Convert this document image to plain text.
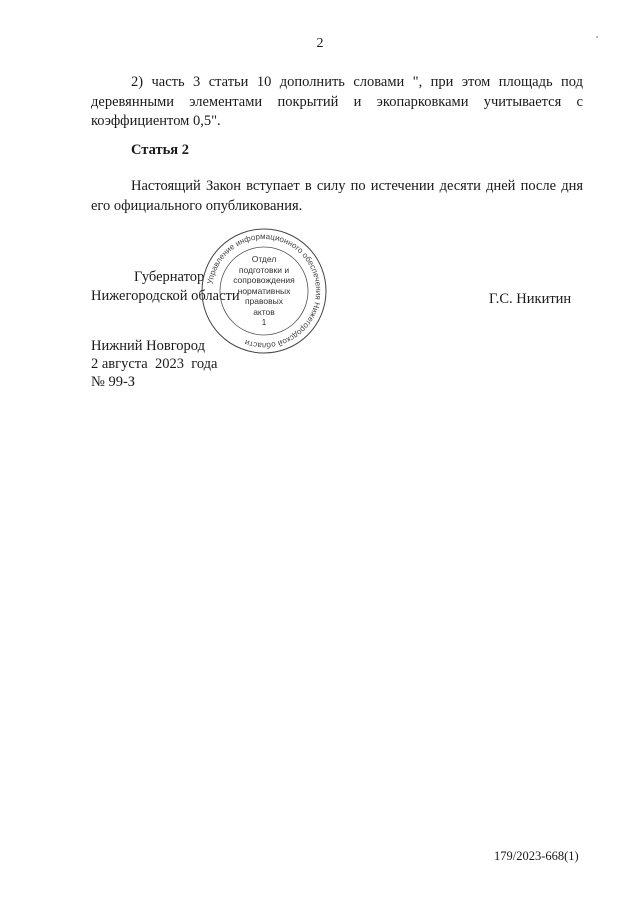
2

2) часть 3 статьи 10 дополнить словами ", при этом площадь под деревянными элементами покрытий и экопарковками учитывается с коэффициентом 0,5".

Статья 2

Настоящий Закон вступает в силу по истечении десяти дней после дня его официального опубликования.

Губернатор
Нижегородской области	Г.С. Никитин
Управление информационного обеспечения Нижегородской области
Отдел
подготовки и
сопровождения
нормативных
правовых
актов
1
Нижний Новгород
2 августа  2023  года
№ 99-З
179/2023-668(1)
